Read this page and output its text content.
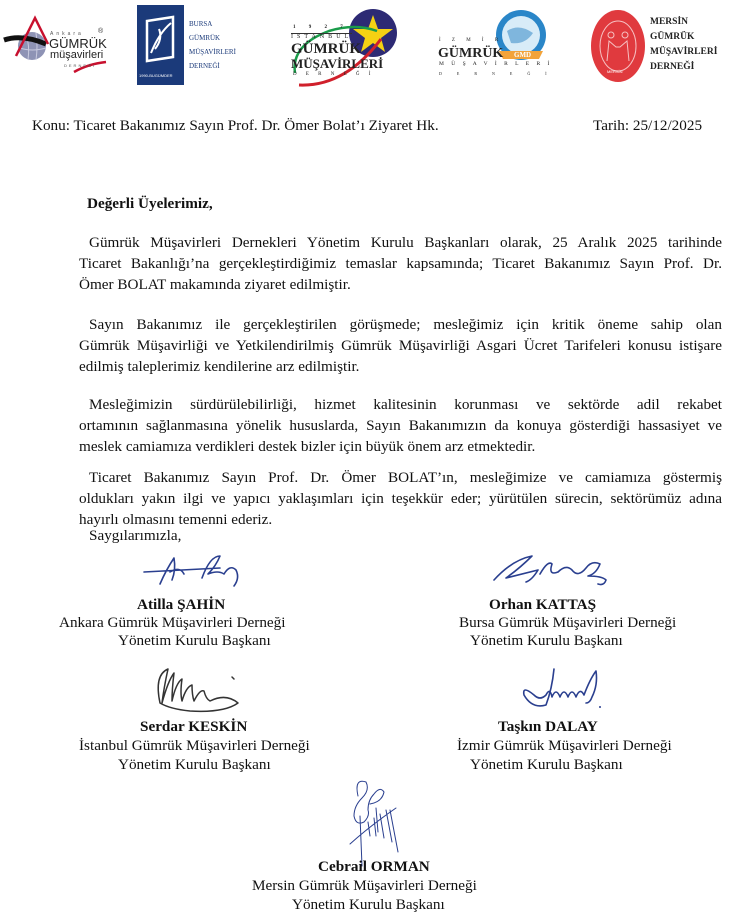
Ankara ®
GÜMRÜK
müşavirleri
DERNEĞİ
1990-BUGÜMDER
BURSA
GÜMRÜK
MÜŞAVİRLERİ
DERNEĞİ
1 9 2 7
İSTANBUL
GÜMRÜK
MÜŞAVİRLERİ
D E R N E Ğ İ
GMD
İ Z M İ R
GÜMRÜK
M Ü Ş A V İ R L E R İ
D E R N E Ğ İ	MERSİN
MERSİN
GÜMRÜK
MÜŞAVİRLERİ
DERNEĞİ
Konu: Ticaret Bakanımız Sayın Prof. Dr. Ömer Bolat’ı Ziyaret Hk.	Tarih: 25/12/2025
Değerli Üyelerimiz,
Gümrük Müşavirleri Dernekleri Yönetim Kurulu Başkanları olarak, 25 Aralık 2025 tarihinde
Ticaret Bakanlığı’na gerçekleştirdiğimiz temaslar kapsamında; Ticaret Bakanımız Sayın Prof. Dr.
Ömer BOLAT makamında ziyaret edilmiştir.
Sayın Bakanımız ile gerçekleştirilen görüşmede; mesleğimiz için kritik öneme sahip olan
Gümrük Müşavirliği ve Yetkilendirilmiş Gümrük Müşavirliği Asgari Ücret Tarifeleri konusu istişare
edilmiş taleplerimiz kendilerine arz edilmiştir.
Mesleğimizin sürdürülebilirliği, hizmet kalitesinin korunması ve sektörde adil rekabet
ortamının sağlanmasına yönelik hususlarda, Sayın Bakanımızın da konuya gösterdiği hassasiyet ve
meslek camiamıza verdikleri destek bizler için büyük önem arz etmektedir.
Ticaret Bakanımız Sayın Prof. Dr. Ömer BOLAT’ın, mesleğimize ve camiamıza göstermiş
oldukları yakın ilgi ve yapıcı yaklaşımları için teşekkür eder; yürütülen sürecin, sektörümüz adına
hayırlı olmasını temenni ederiz.
Saygılarımızla,
Atilla ŞAHİN
Ankara Gümrük Müşavirleri Derneği
Yönetim Kurulu Başkanı
Orhan KATTAŞ
Bursa Gümrük Müşavirleri Derneği
Yönetim Kurulu Başkanı
Serdar KESKİN
İstanbul Gümrük Müşavirleri Derneği
Yönetim Kurulu Başkanı
Taşkın DALAY
İzmir Gümrük Müşavirleri Derneği
Yönetim Kurulu Başkanı
Cebrail ORMAN
Mersin Gümrük Müşavirleri Derneği
Yönetim Kurulu Başkanı
